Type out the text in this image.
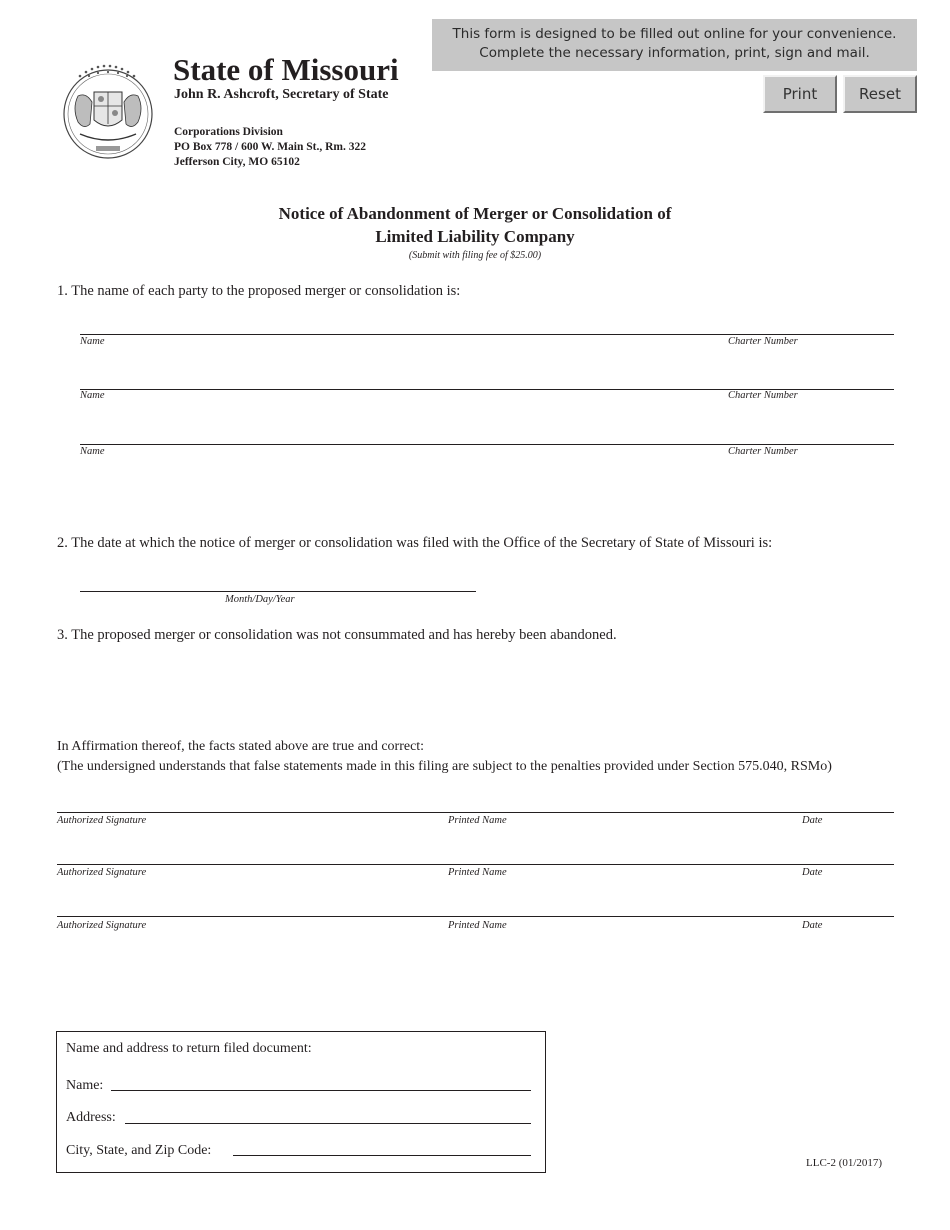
State of Missouri
John R. Ashcroft, Secretary of State
Corporations Division
PO Box 778 / 600 W. Main St., Rm. 322
Jefferson City, MO 65102
This form is designed to be filled out online for your convenience.
Complete the necessary information, print, sign and mail.
Print	Reset
Notice of Abandonment of Merger or Consolidation of
Limited Liability Company
(Submit with filing fee of $25.00)
1. The name of each party to the proposed merger or consolidation is:
Name	Charter Number
Name	Charter Number
Name	Charter Number
2. The date at which the notice of merger or consolidation was filed with the Office of the Secretary of State of Missouri is:
Month/Day/Year
3. The proposed merger or consolidation was not consummated and has hereby been abandoned.
In Affirmation thereof, the facts stated above are true and correct:
(The undersigned understands that false statements made in this filing are subject to the penalties provided under Section 575.040, RSMo)
Authorized Signature	Printed Name	Date
Authorized Signature	Printed Name	Date
Authorized Signature	Printed Name	Date
Name and address to return filed document:
Name:
Address:
City, State, and Zip Code:
LLC-2 (01/2017)
